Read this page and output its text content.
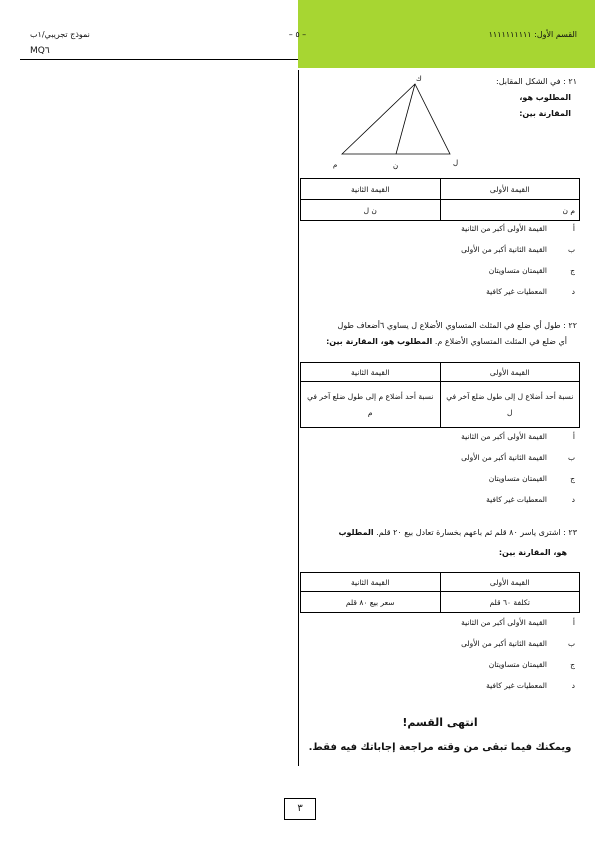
القسم الأول: ١١١١١١١١١١
– ٥ –
نموذج تجريبي/١ب
MQ٦
٢١ : في الشكل المقابل:
المطلوب هو،
المقارنة بين:
ك
م	ن	ل
القيمة الأولى	القيمة الثانية
م ن	ن ل
أ
القيمة الأولى أكبر من الثانية
ب
القيمة الثانية أكبر من الأولى
ج
القيمتان متساويتان
د
المعطيات غير كافية
٢٢ : طول أي ضلع في المثلث المتساوي الأضلاع ل يساوي ٦أضعاف طول
أي ضلع في المثلث المتساوي الأضلاع م. المطلوب هو، المقارنة بين:
القيمة الأولى	القيمة الثانية
نسبة أحد أضلاع ل إلى طول ضلع آخر في ل	نسبة أحد أضلاع م إلى طول ضلع آخر في م
أ
القيمة الأولى أكبر من الثانية
ب
القيمة الثانية أكبر من الأولى
ج
القيمتان متساويتان
د
المعطيات غير كافية
٢٣ : اشترى ياسر ٨٠ قلم ثم باعهم بخسارة تعادل بيع ٢٠ قلم. المطلوب
هو، المقارنة بين:
القيمة الأولى	القيمة الثانية
تكلفة ٦٠ قلم	سعر بيع ٨٠ قلم
أ
القيمة الأولى أكبر من الثانية
ب
القيمة الثانية أكبر من الأولى
ج
القيمتان متساويتان
د
المعطيات غير كافية
انتهى القسم!
ويمكنك فيما تبقى من وقته مراجعة إجاباتك فيه فقط.
٣
